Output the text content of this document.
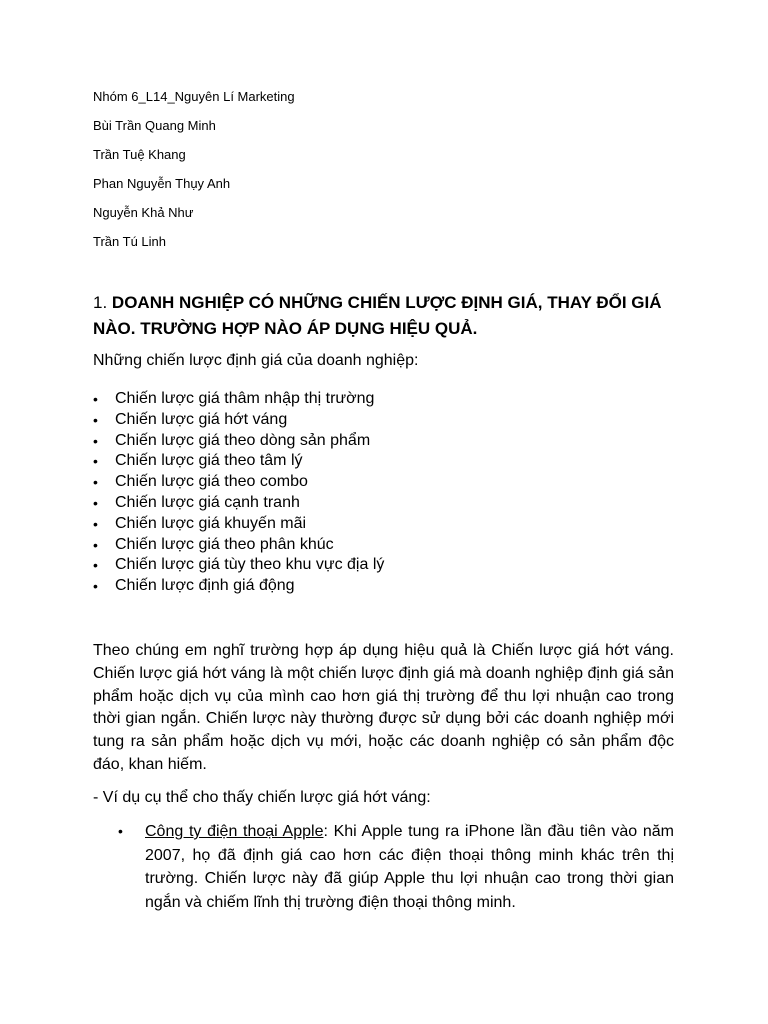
Nhóm 6_L14_Nguyên Lí Marketing
Bùi Trần Quang Minh
Trần Tuệ Khang
Phan Nguyễn Thụy Anh
Nguyễn Khả Như
Trần Tú Linh
1. DOANH NGHIỆP CÓ NHỮNG CHIẾN LƯỢC ĐỊNH GIÁ, THAY ĐỔI GIÁ NÀO. TRƯỜNG HỢP NÀO ÁP DỤNG HIỆU QUẢ.
Những chiến lược định giá của doanh nghiệp:
• Chiến lược giá thâm nhập thị trường
• Chiến lược giá hớt váng
• Chiến lược giá theo dòng sản phẩm
• Chiến lược giá theo tâm lý
• Chiến lược giá theo combo
• Chiến lược giá cạnh tranh
• Chiến lược giá khuyến mãi
• Chiến lược giá theo phân khúc
• Chiến lược giá tùy theo khu vực địa lý
• Chiến lược định giá động

Theo chúng em nghĩ trường hợp áp dụng hiệu quả là Chiến lược giá hớt váng. Chiến lược giá hớt váng là một chiến lược định giá mà doanh nghiệp định giá sản phẩm hoặc dịch vụ của mình cao hơn giá thị trường để thu lợi nhuận cao trong thời gian ngắn. Chiến lược này thường được sử dụng bởi các doanh nghiệp mới tung ra sản phẩm hoặc dịch vụ mới, hoặc các doanh nghiệp có sản phẩm độc đáo, khan hiếm.

- Ví dụ cụ thể cho thấy chiến lược giá hớt váng:
• Công ty điện thoại Apple: Khi Apple tung ra iPhone lần đầu tiên vào năm 2007, họ đã định giá cao hơn các điện thoại thông minh khác trên thị trường. Chiến lược này đã giúp Apple thu lợi nhuận cao trong thời gian ngắn và chiếm lĩnh thị trường điện thoại thông minh.
